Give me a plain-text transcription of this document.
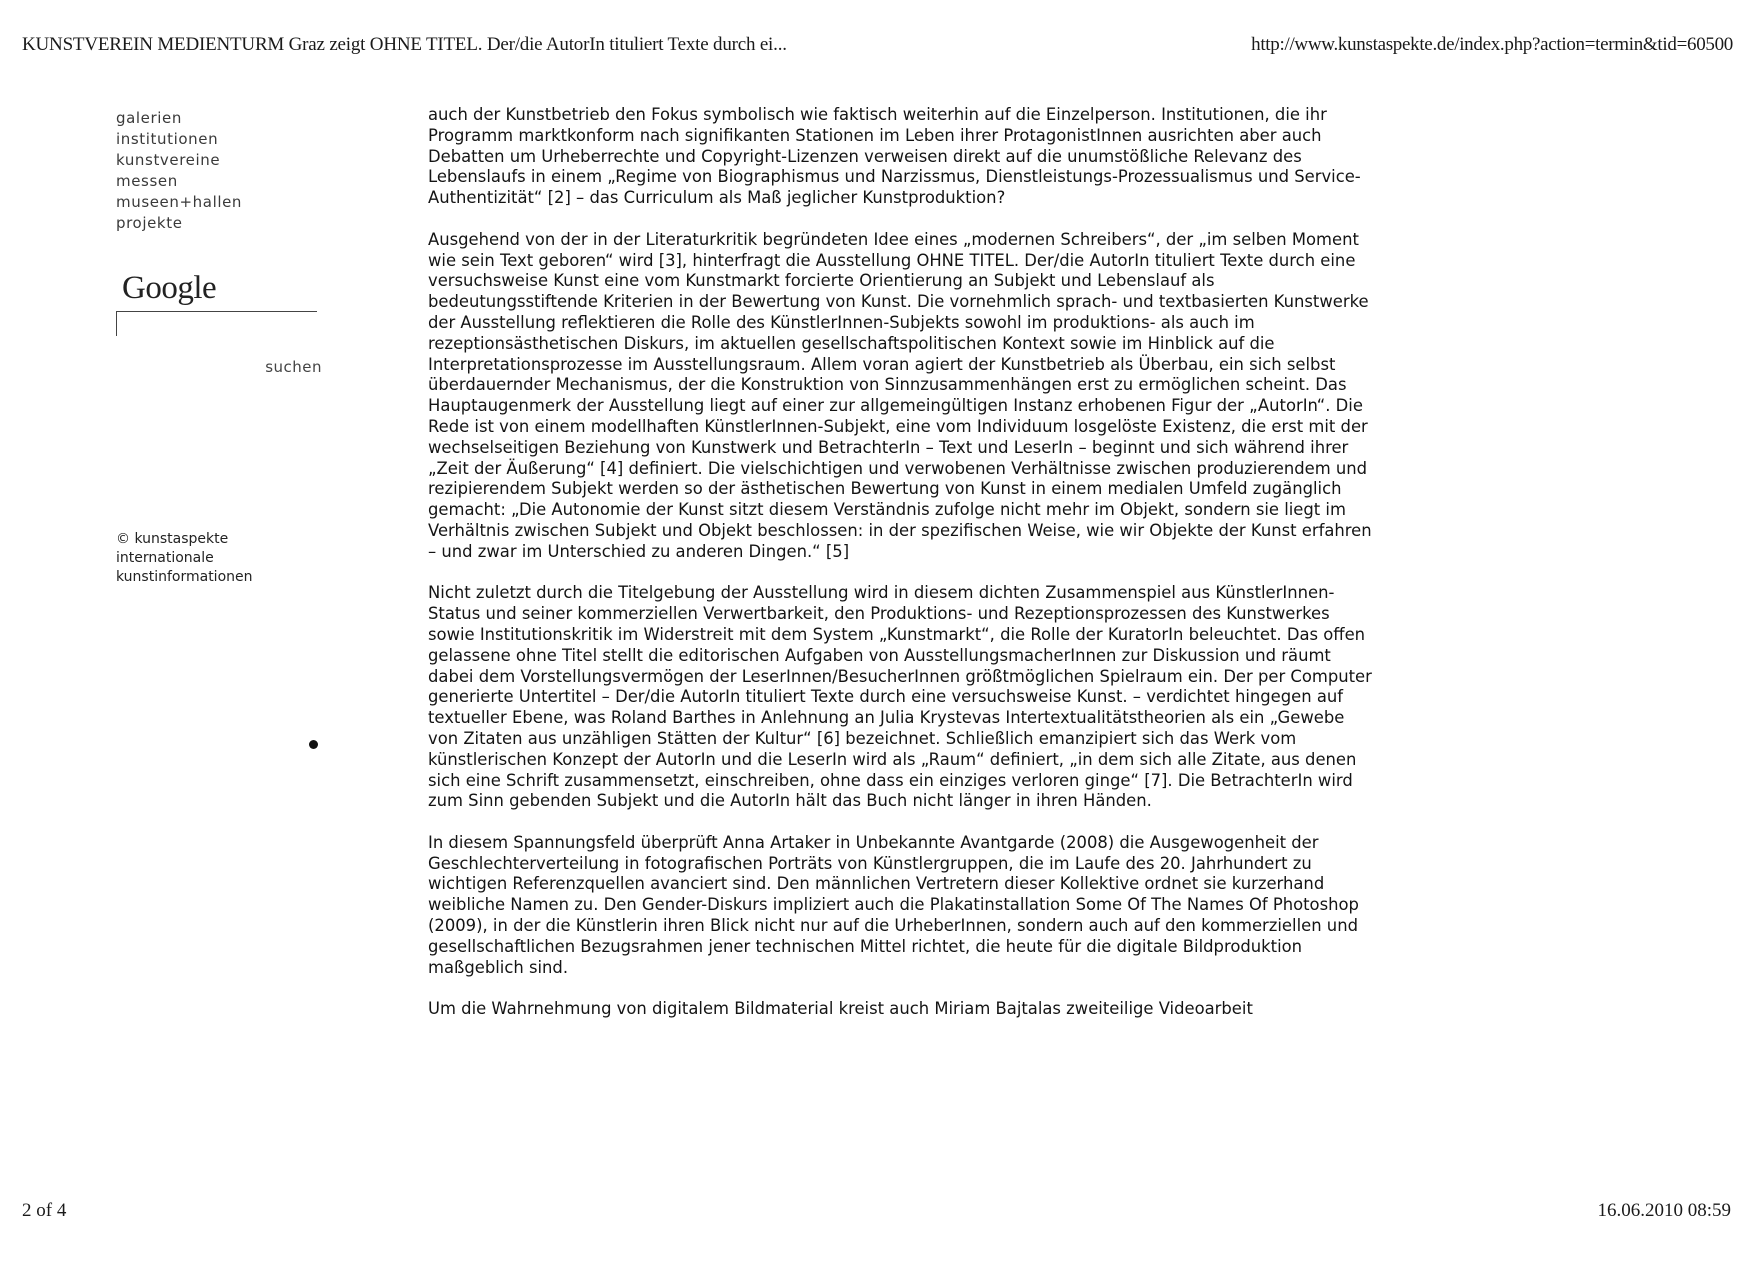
KUNSTVEREIN MEDIENTURM Graz zeigt OHNE TITEL. Der/die AutorIn tituliert Texte durch ei...	http://www.kunstaspekte.de/index.php?action=termin&tid=60500
galerien
institutionen
kunstvereine
messen
museen+hallen
projekte
Google
suchen
© kunstaspekte
internationale
kunstinformationen

auch der Kunstbetrieb den Fokus symbolisch wie faktisch weiterhin auf die Einzelperson. Institutionen, die ihr Programm marktkonform nach signifikanten Stationen im Leben ihrer ProtagonistInnen ausrichten aber auch Debatten um Urheberrechte und Copyright-Lizenzen verweisen direkt auf die unumstößliche Relevanz des Lebenslaufs in einem „Regime von Biographismus und Narzissmus, Dienstleistungs-Prozessualismus und Service-Authentizität“ [2] – das Curriculum als Maß jeglicher Kunstproduktion?

Ausgehend von der in der Literaturkritik begründeten Idee eines „modernen Schreibers“, der „im selben Moment wie sein Text geboren“ wird [3], hinterfragt die Ausstellung OHNE TITEL. Der/die AutorIn tituliert Texte durch eine versuchsweise Kunst eine vom Kunstmarkt forcierte Orientierung an Subjekt und Lebenslauf als bedeutungsstiftende Kriterien in der Bewertung von Kunst. Die vornehmlich sprach- und textbasierten Kunstwerke der Ausstellung reflektieren die Rolle des KünstlerInnen-Subjekts sowohl im produktions- als auch im rezeptionsästhetischen Diskurs, im aktuellen gesellschaftspolitischen Kontext sowie im Hinblick auf die Interpretationsprozesse im Ausstellungsraum. Allem voran agiert der Kunstbetrieb als Überbau, ein sich selbst überdauernder Mechanismus, der die Konstruktion von Sinnzusammenhängen erst zu ermöglichen scheint. Das Hauptaugenmerk der Ausstellung liegt auf einer zur allgemeingültigen Instanz erhobenen Figur der „AutorIn“. Die Rede ist von einem modellhaften KünstlerInnen-Subjekt, eine vom Individuum losgelöste Existenz, die erst mit der wechselseitigen Beziehung von Kunstwerk und BetrachterIn – Text und LeserIn – beginnt und sich während ihrer „Zeit der Äußerung“ [4] definiert. Die vielschichtigen und verwobenen Verhältnisse zwischen produzierendem und rezipierendem Subjekt werden so der ästhetischen Bewertung von Kunst in einem medialen Umfeld zugänglich gemacht: „Die Autonomie der Kunst sitzt diesem Verständnis zufolge nicht mehr im Objekt, sondern sie liegt im Verhältnis zwischen Subjekt und Objekt beschlossen: in der spezifischen Weise, wie wir Objekte der Kunst erfahren – und zwar im Unterschied zu anderen Dingen.“ [5]

Nicht zuletzt durch die Titelgebung der Ausstellung wird in diesem dichten Zusammenspiel aus KünstlerInnen-Status und seiner kommerziellen Verwertbarkeit, den Produktions- und Rezeptionsprozessen des Kunstwerkes sowie Institutionskritik im Widerstreit mit dem System „Kunstmarkt“, die Rolle der KuratorIn beleuchtet. Das offen gelassene ohne Titel stellt die editorischen Aufgaben von AusstellungsmacherInnen zur Diskussion und räumt dabei dem Vorstellungsvermögen der LeserInnen/BesucherInnen größtmöglichen Spielraum ein. Der per Computer generierte Untertitel – Der/die AutorIn tituliert Texte durch eine versuchsweise Kunst. – verdichtet hingegen auf textueller Ebene, was Roland Barthes in Anlehnung an Julia Krystevas Intertextualitätstheorien als ein „Gewebe von Zitaten aus unzähligen Stätten der Kultur“ [6] bezeichnet. Schließlich emanzipiert sich das Werk vom künstlerischen Konzept der AutorIn und die LeserIn wird als „Raum“ definiert, „in dem sich alle Zitate, aus denen sich eine Schrift zusammensetzt, einschreiben, ohne dass ein einziges verloren ginge“ [7]. Die BetrachterIn wird zum Sinn gebenden Subjekt und die AutorIn hält das Buch nicht länger in ihren Händen.

In diesem Spannungsfeld überprüft Anna Artaker in Unbekannte Avantgarde (2008) die Ausgewogenheit der Geschlechterverteilung in fotografischen Porträts von Künstlergruppen, die im Laufe des 20. Jahrhundert zu wichtigen Referenzquellen avanciert sind. Den männlichen Vertretern dieser Kollektive ordnet sie kurzerhand weibliche Namen zu. Den Gender-Diskurs impliziert auch die Plakatinstallation Some Of The Names Of Photoshop (2009), in der die Künstlerin ihren Blick nicht nur auf die UrheberInnen, sondern auch auf den kommerziellen und gesellschaftlichen Bezugsrahmen jener technischen Mittel richtet, die heute für die digitale Bildproduktion maßgeblich sind.

Um die Wahrnehmung von digitalem Bildmaterial kreist auch Miriam Bajtalas zweiteilige Videoarbeit

2 of 4	16.06.2010 08:59
